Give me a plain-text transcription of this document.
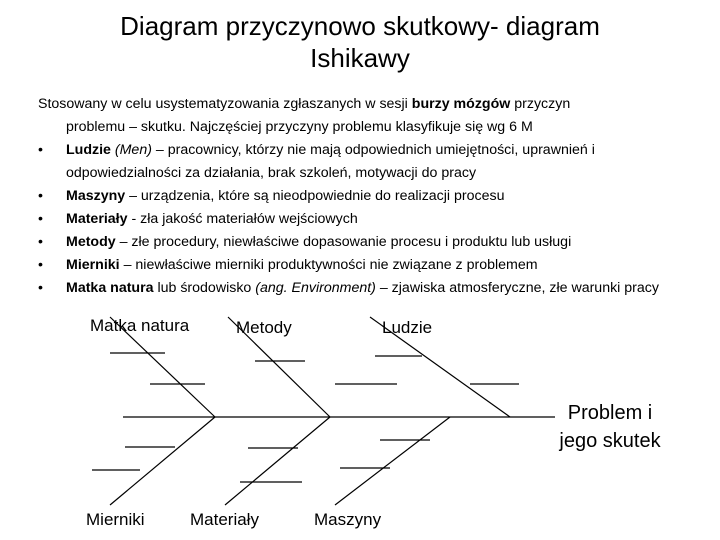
Diagram przyczynowo skutkowy- diagram
Ishikawy
Stosowany w celu usystematyzowania zgłaszanych w sesji burzy mózgów przyczyn
problemu – skutku. Najczęściej przyczyny problemu klasyfikuje się wg 6 M
• Ludzie (Men) – pracownicy, którzy nie mają odpowiednich umiejętności, uprawnień i odpowiedzialności za działania, brak szkoleń, motywacji do pracy
• Maszyny – urządzenia, które są nieodpowiednie do realizacji procesu
• Materiały - zła jakość materiałów wejściowych
• Metody – złe procedury, niewłaściwe dopasowanie procesu i produktu lub usługi
• Mierniki – niewłaściwe mierniki produktywności nie związane z problemem
• Matka natura lub środowisko (ang. Environment) – zjawiska atmosferyczne, złe warunki pracy
Matka natura	Metody	Ludzie
Mierniki	Materiały	Maszyny
Problem i
jego skutek
